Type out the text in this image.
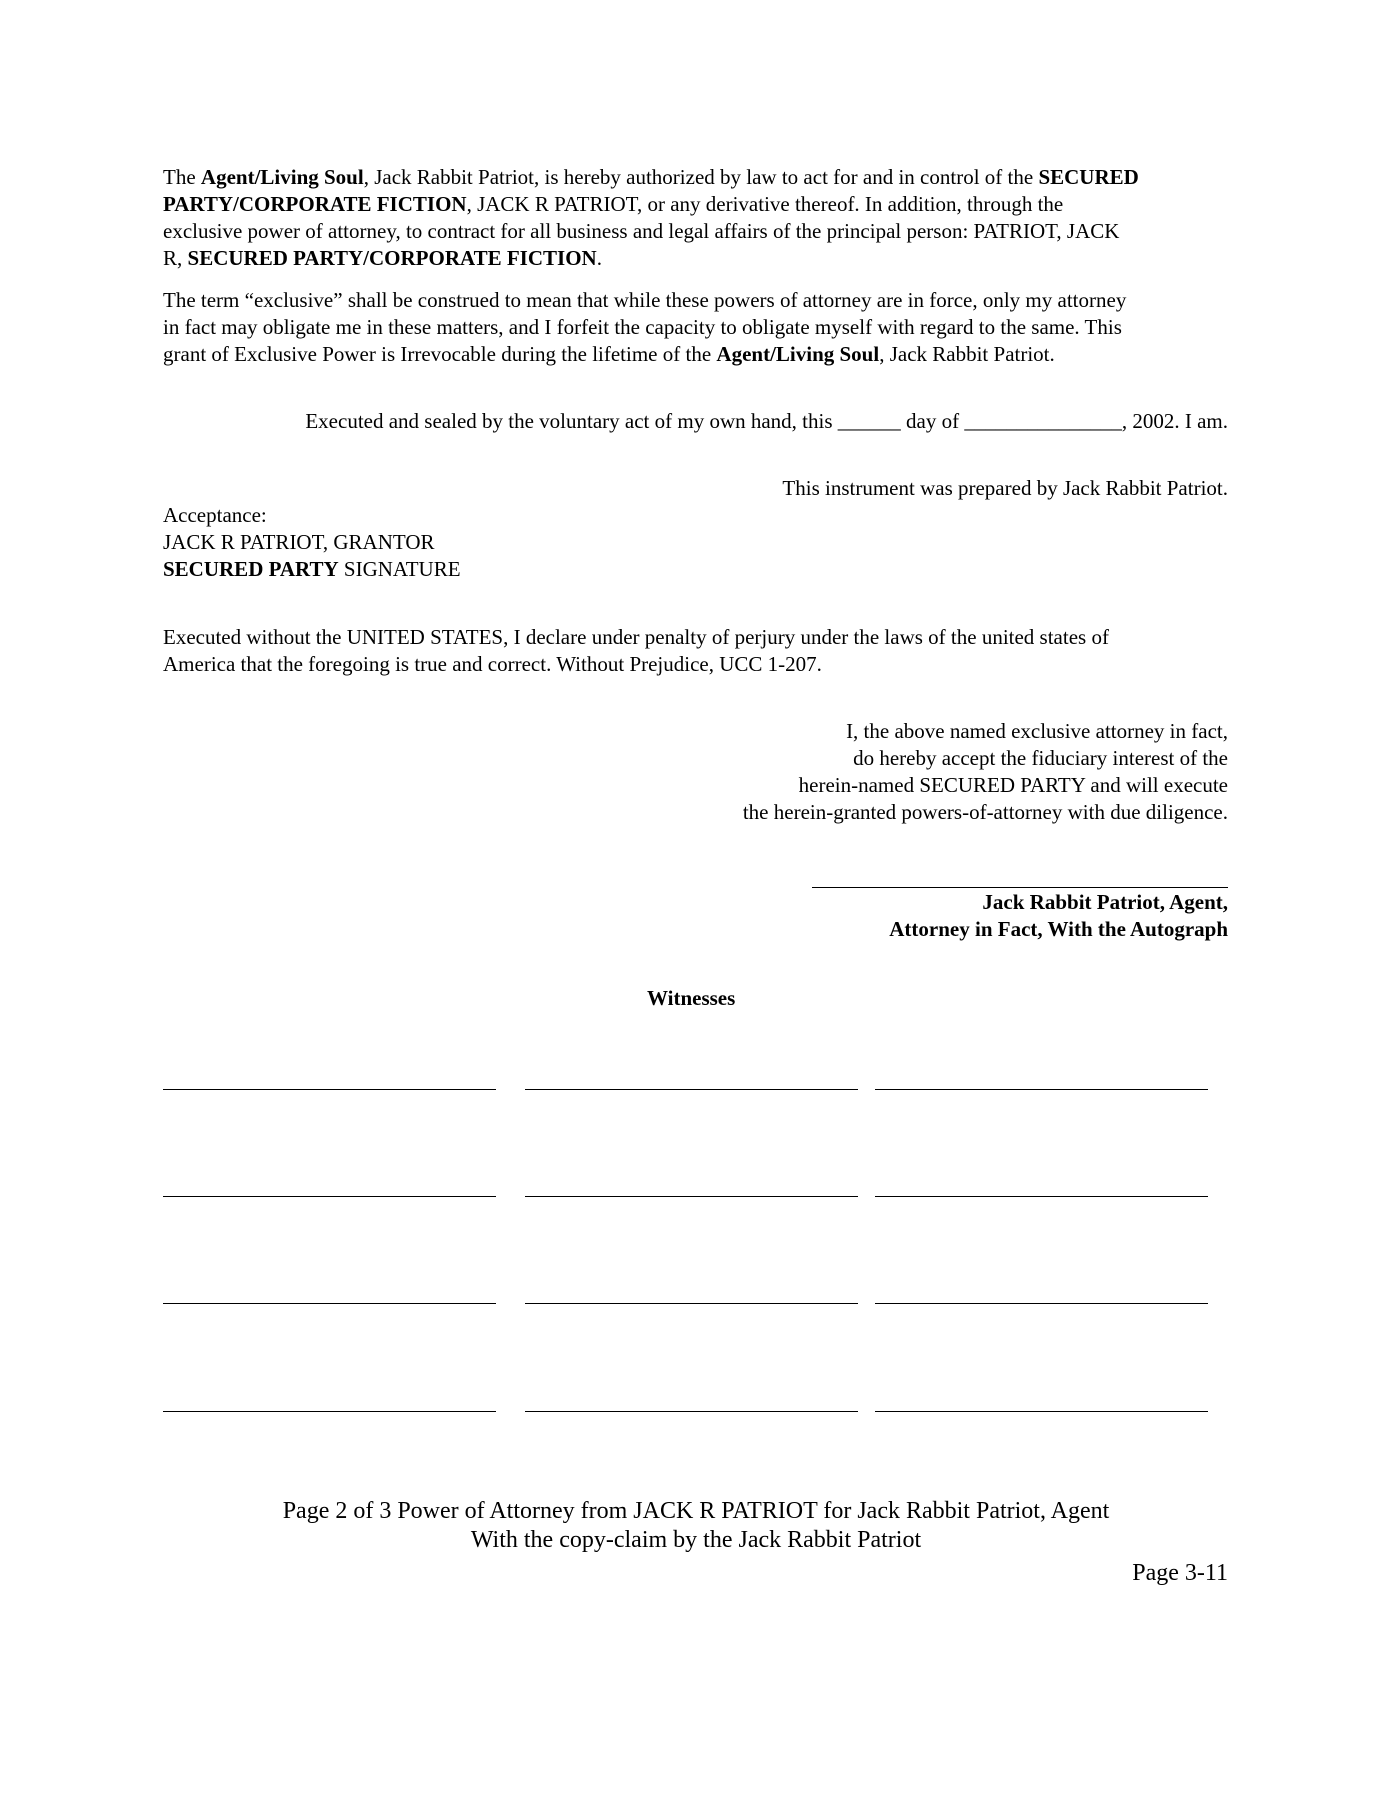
The Agent/Living Soul, Jack Rabbit Patriot, is hereby authorized by law to act for and in control of the SECURED
PARTY/CORPORATE FICTION, JACK R PATRIOT, or any derivative thereof. In addition, through the
exclusive power of attorney, to contract for all business and legal affairs of the principal person: PATRIOT, JACK
R, SECURED PARTY/CORPORATE FICTION.
The term “exclusive” shall be construed to mean that while these powers of attorney are in force, only my attorney
in fact may obligate me in these matters, and I forfeit the capacity to obligate myself with regard to the same. This
grant of Exclusive Power is Irrevocable during the lifetime of the Agent/Living Soul, Jack Rabbit Patriot.
Executed and sealed by the voluntary act of my own hand, this ______ day of _______________, 2002. I am.
This instrument was prepared by Jack Rabbit Patriot.
Acceptance:
JACK R PATRIOT, GRANTOR
SECURED PARTY SIGNATURE
Executed without the UNITED STATES, I declare under penalty of perjury under the laws of the united states of
America that the foregoing is true and correct. Without Prejudice, UCC 1-207.
I, the above named exclusive attorney in fact,
do hereby accept the fiduciary interest of the
herein-named SECURED PARTY and will execute
the herein-granted powers-of-attorney with due diligence.
Jack Rabbit Patriot, Agent,
Attorney in Fact, With the Autograph
Witnesses
Page 2 of 3 Power of Attorney from JACK R PATRIOT for Jack Rabbit Patriot, Agent
With the copy-claim by the Jack Rabbit Patriot
Page 3-11
